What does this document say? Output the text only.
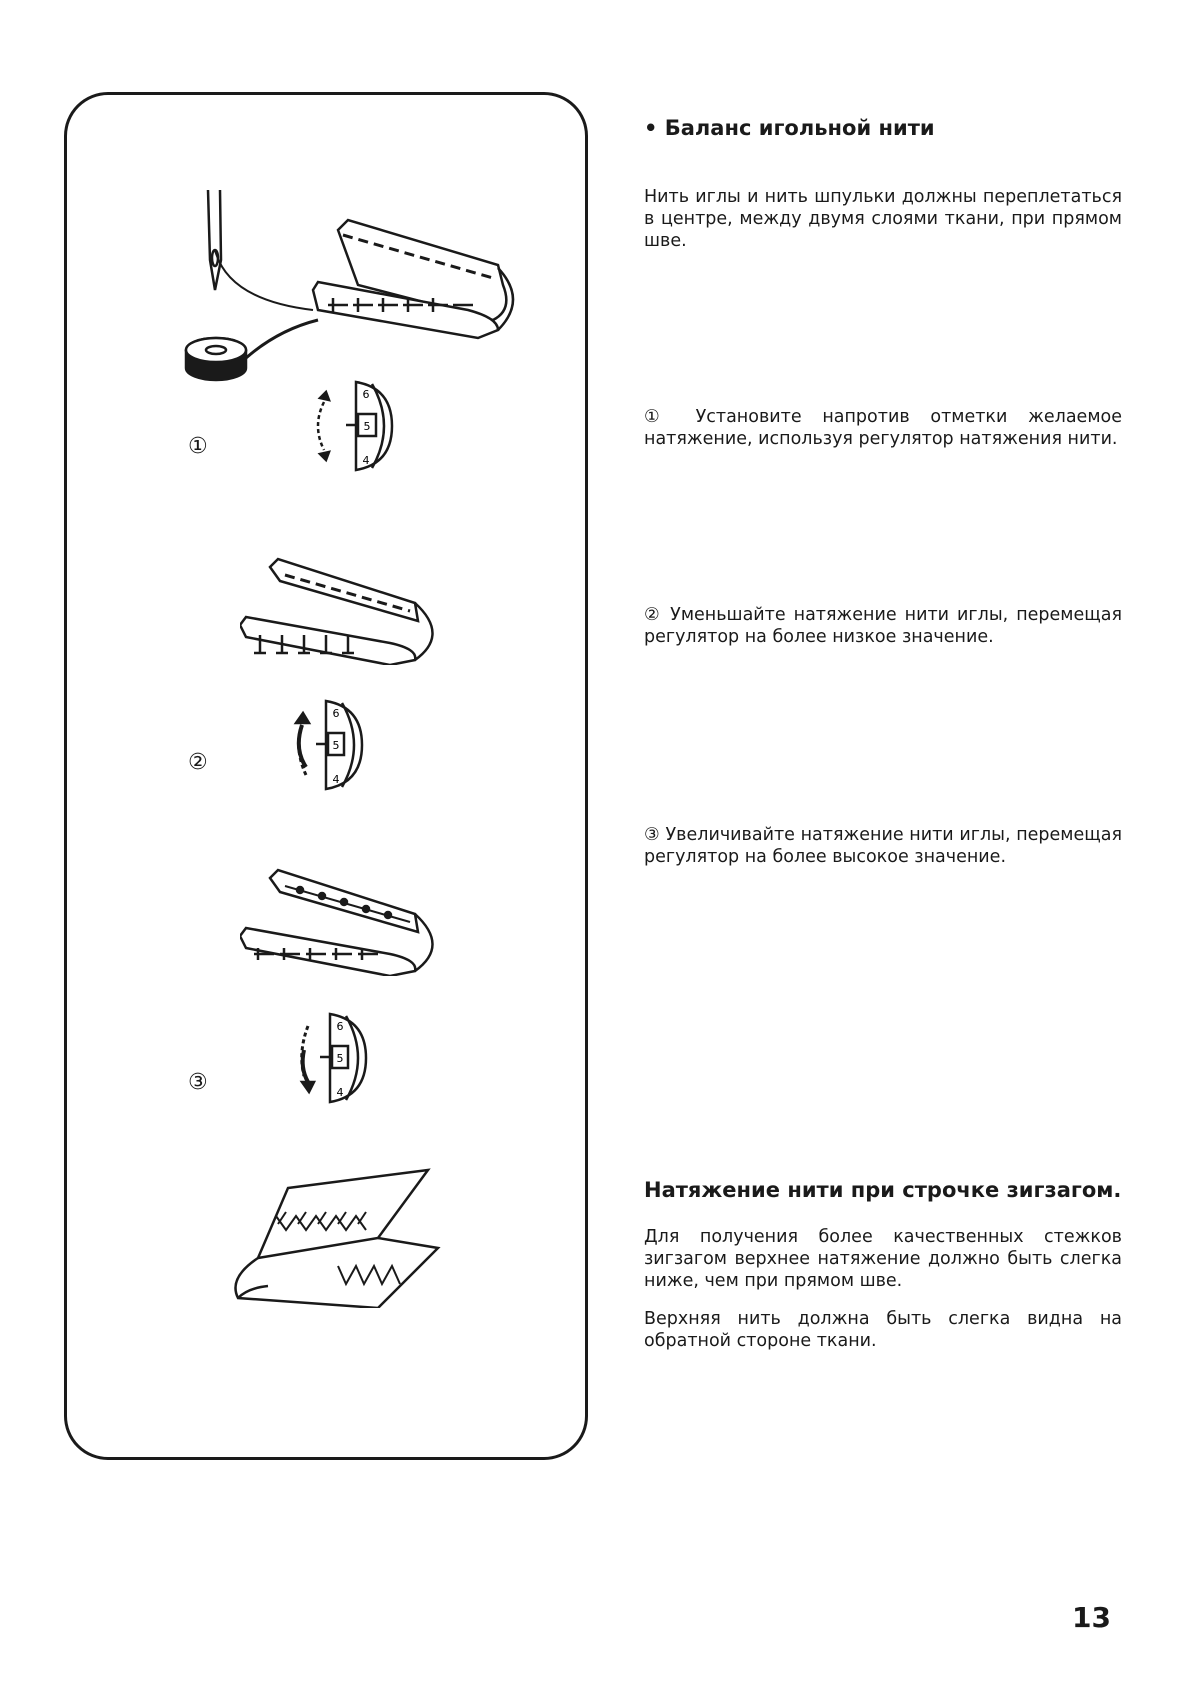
6
5
4
①
6
5
4
②
6
5
4
③
• Баланс игольной нити
Нить иглы и нить шпульки должны переплетаться в центре, между двумя слоями ткани, при прямом шве.
① Установите напротив отметки желаемое натяжение, используя регулятор натяжения нити.
② Уменьшайте натяжение нити иглы, перемещая регулятор на более низкое значение.
③ Увеличивайте натяжение нити иглы, перемещая регулятор на более высокое значение.
Натяжение нити при строчке зигзагом.
Для получения более качественных стежков зигзагом верхнее натяжение должно быть слегка ниже, чем при прямом шве.
Верхняя нить должна быть слегка видна на обратной стороне ткани.
13
